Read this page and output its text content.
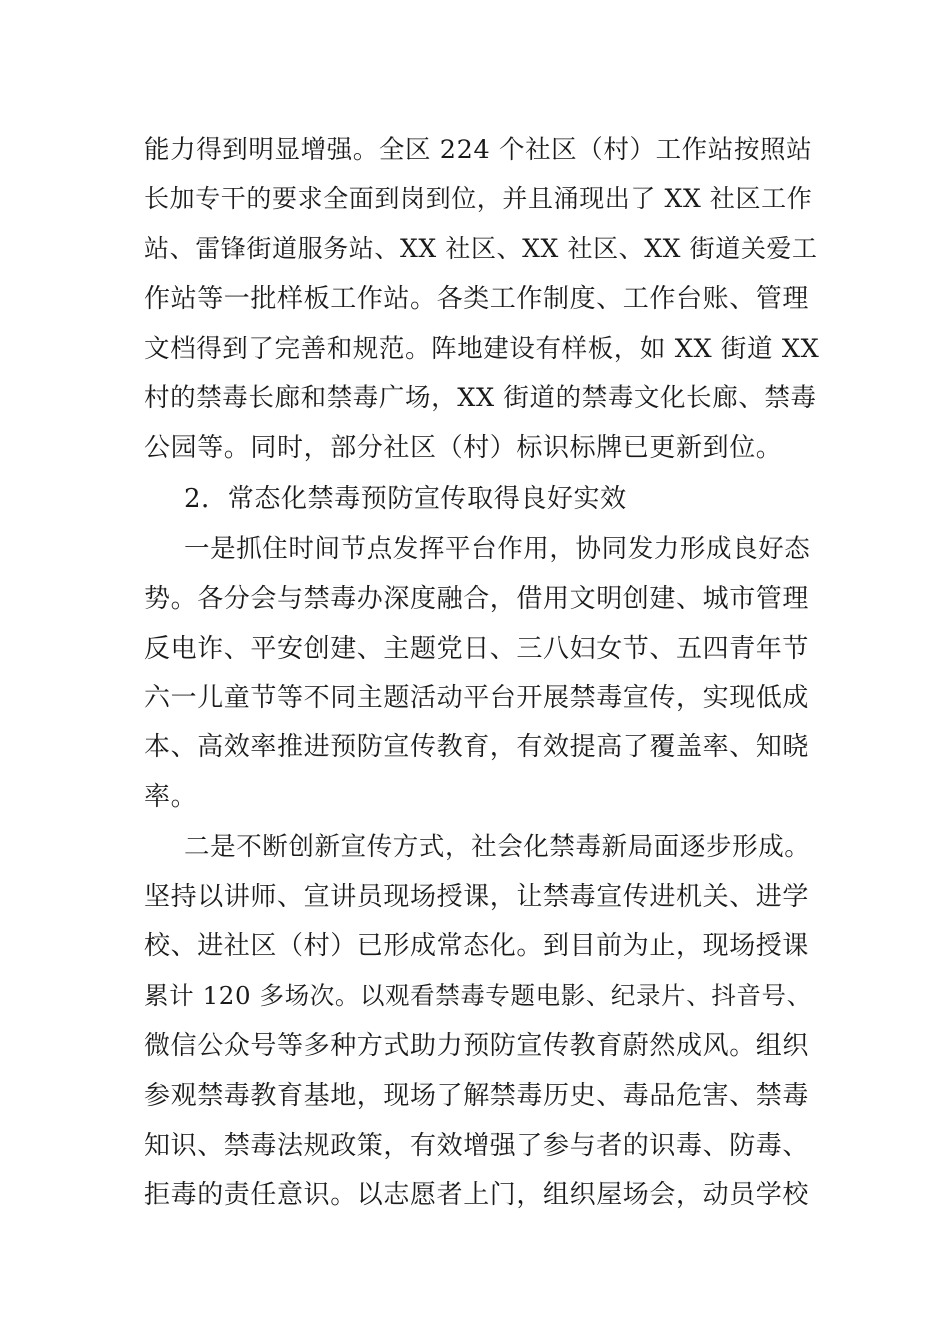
能力得到明显增强。全区 224 个社区（村）工作站按照站
长加专干的要求全面到岗到位，并且涌现出了 XX 社区工作
站、雷锋街道服务站、XX 社区、XX 社区、XX 街道关爱工
作站等一批样板工作站。各类工作制度、工作台账、管理
文档得到了完善和规范。阵地建设有样板，如 XX 街道 XX
村的禁毒长廊和禁毒广场，XX 街道的禁毒文化长廊、禁毒
公园等。同时，部分社区（村）标识标牌已更新到位。
2．常态化禁毒预防宣传取得良好实效
一是抓住时间节点发挥平台作用，协同发力形成良好态
势。各分会与禁毒办深度融合，借用文明创建、城市管理
反电诈、平安创建、主题党日、三八妇女节、五四青年节
六一儿童节等不同主题活动平台开展禁毒宣传，实现低成
本、高效率推进预防宣传教育，有效提高了覆盖率、知晓
率。
二是不断创新宣传方式，社会化禁毒新局面逐步形成。
坚持以讲师、宣讲员现场授课，让禁毒宣传进机关、进学
校、进社区（村）已形成常态化。到目前为止，现场授课
累计 120 多场次。以观看禁毒专题电影、纪录片、抖音号、
微信公众号等多种方式助力预防宣传教育蔚然成风。组织
参观禁毒教育基地，现场了解禁毒历史、毒品危害、禁毒
知识、禁毒法规政策，有效增强了参与者的识毒、防毒、
拒毒的责任意识。以志愿者上门，组织屋场会，动员学校
